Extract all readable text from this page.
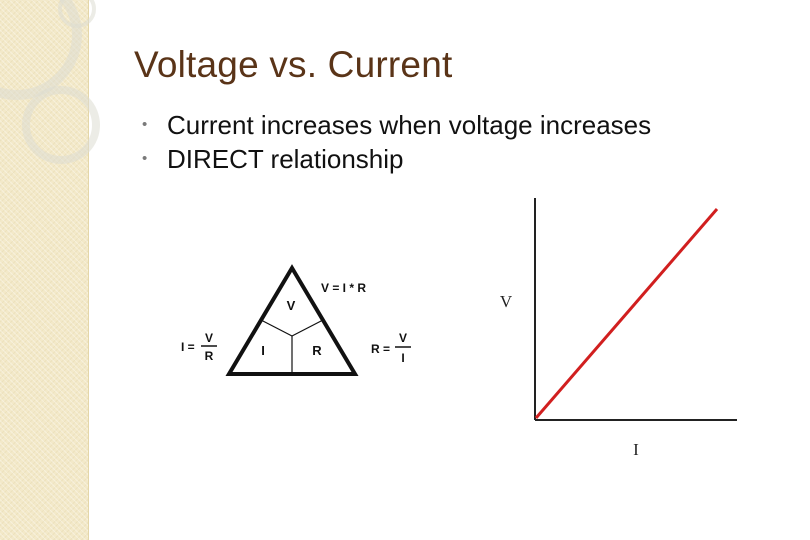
Voltage vs. Current
• Current increases when voltage increases
• DIRECT relationship
V
I	R
V = I * R
I =
V
R	R =
V
I
V
I
